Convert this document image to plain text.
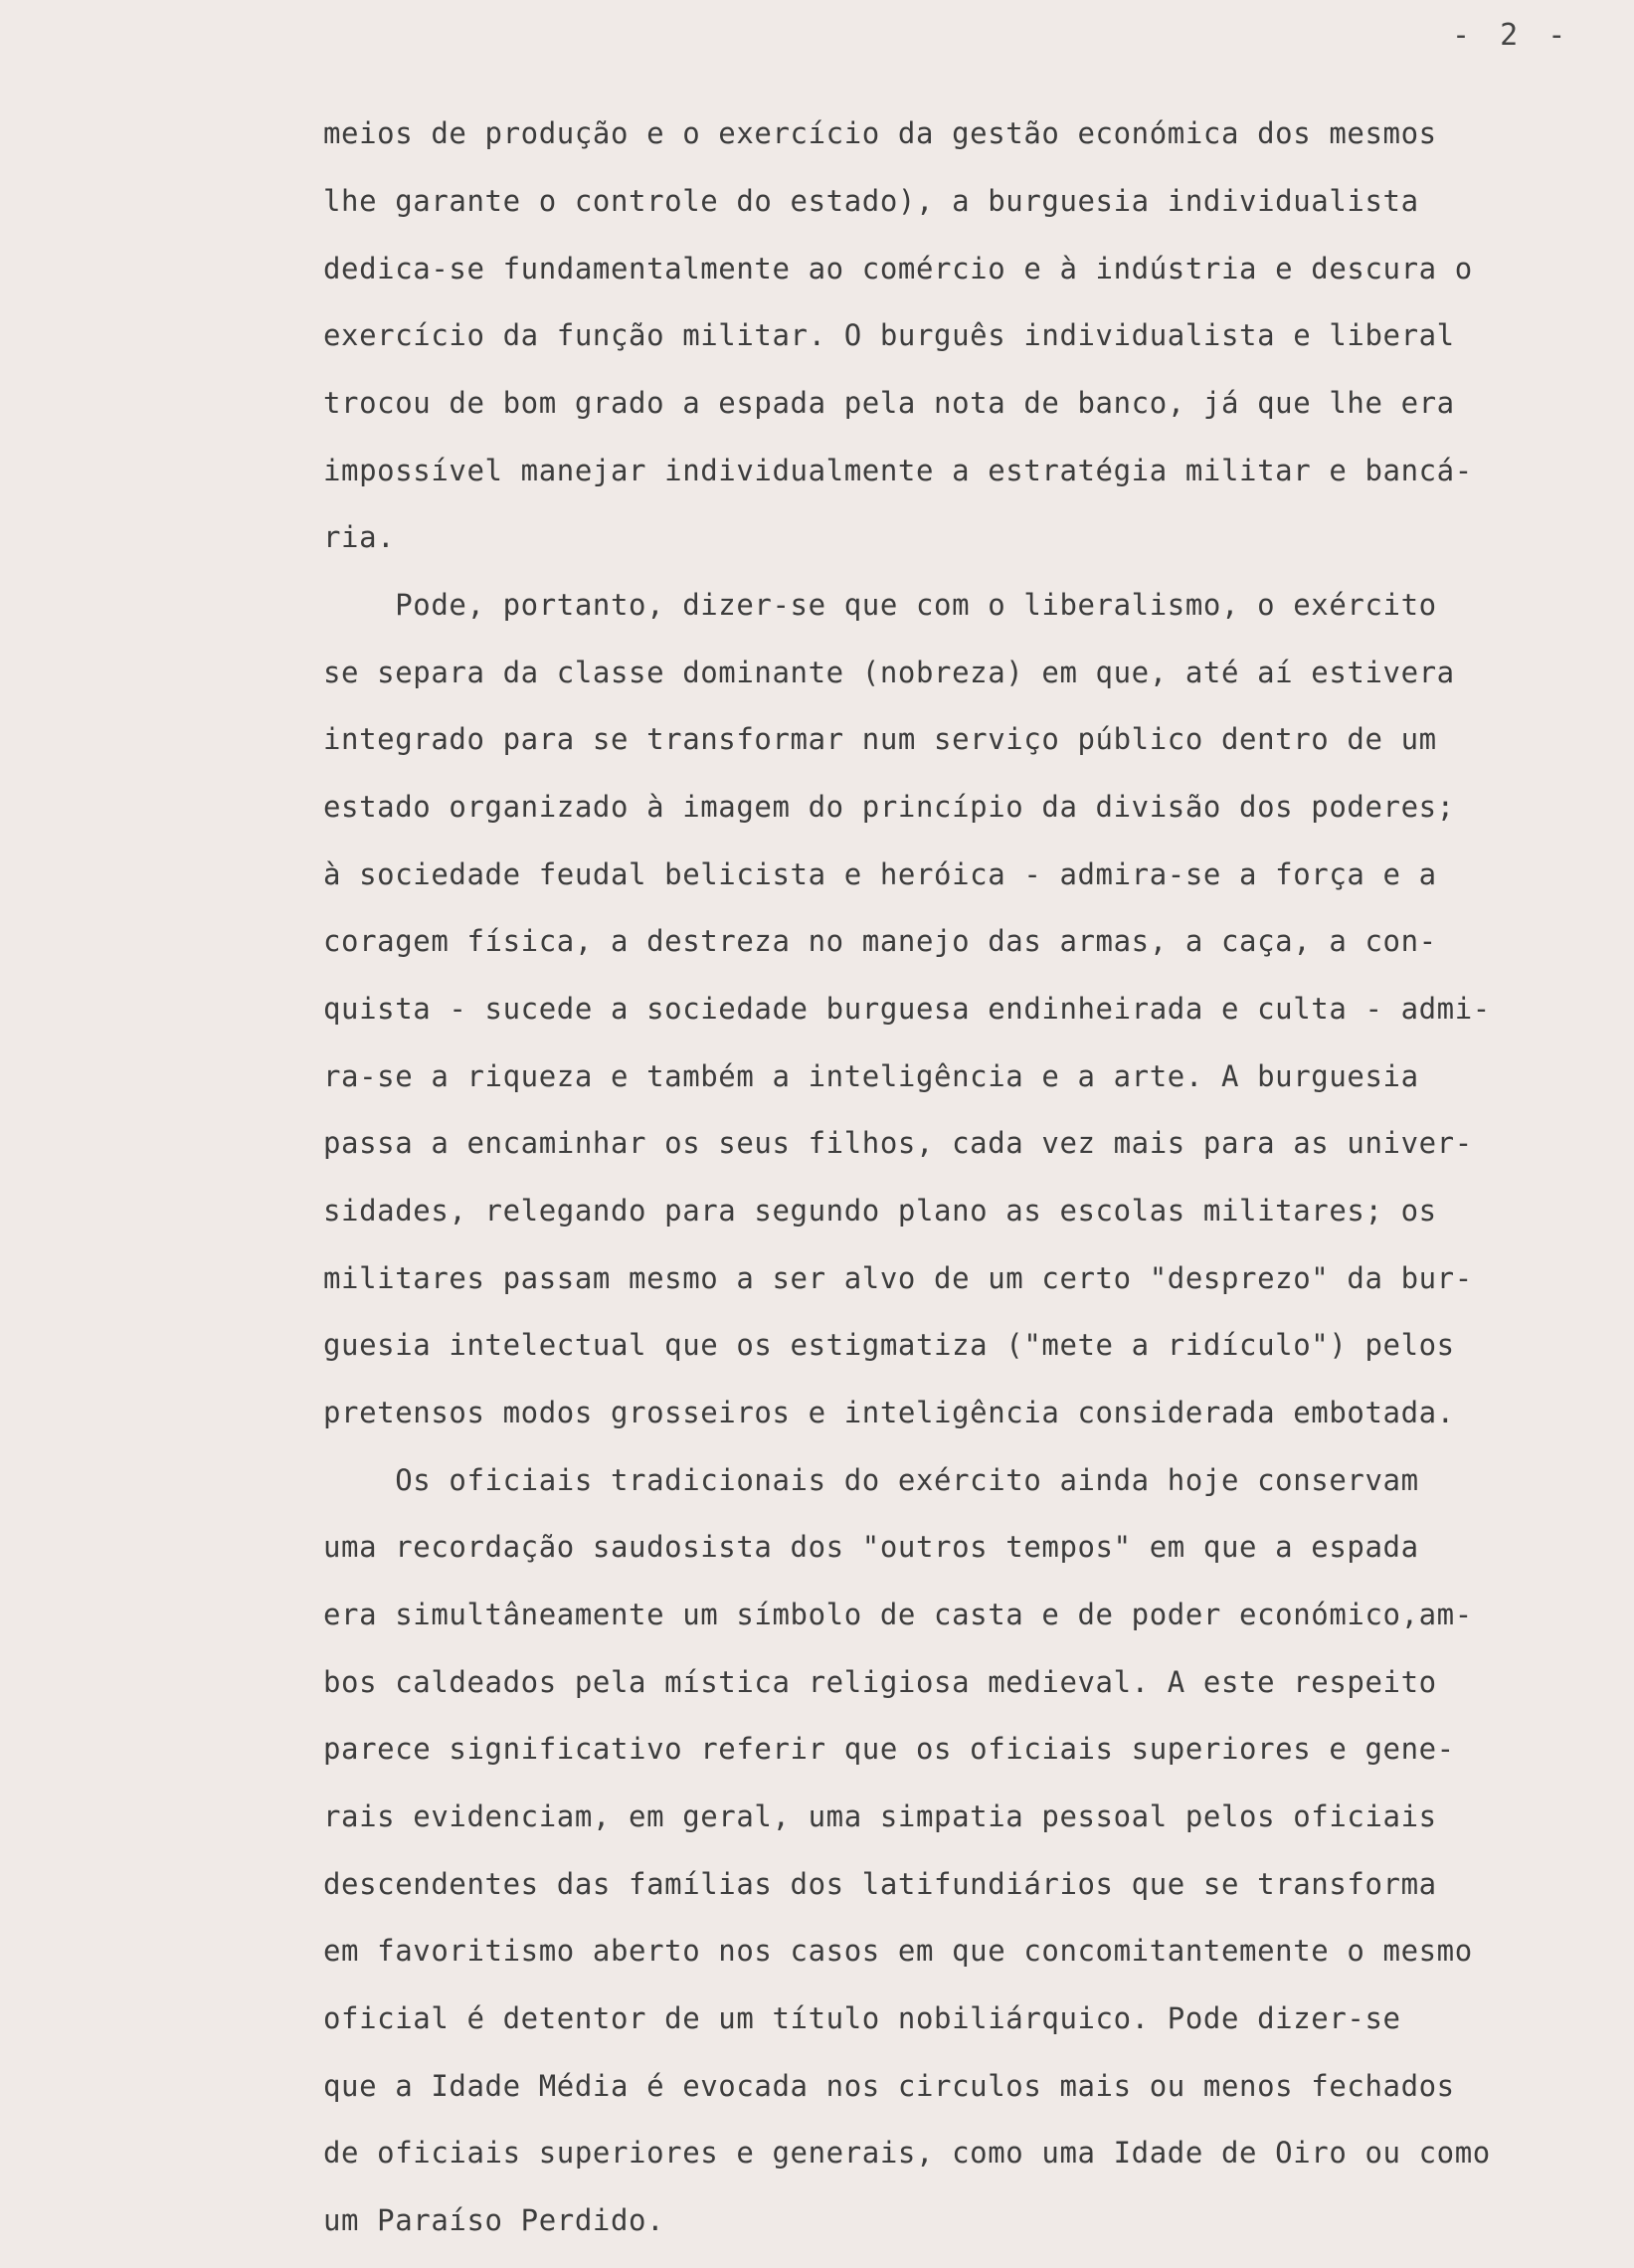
- 2 -
meios de produção e o exercício da gestão económica dos mesmos
lhe garante o controle do estado), a burguesia individualista
dedica-se fundamentalmente ao comércio e à indústria e descura o
exercício da função militar. O burguês individualista e liberal
trocou de bom grado a espada pela nota de banco, já que lhe era
impossível manejar individualmente a estratégia militar e bancá-
ria.
Pode, portanto, dizer-se que com o liberalismo, o exército
se separa da classe dominante (nobreza) em que, até aí estivera
integrado para se transformar num serviço público dentro de um
estado organizado à imagem do princípio da divisão dos poderes;
à sociedade feudal belicista e heróica - admira-se a força e a
coragem física, a destreza no manejo das armas, a caça, a con-
quista - sucede a sociedade burguesa endinheirada e culta - admi-
ra-se a riqueza e também a inteligência e a arte. A burguesia
passa a encaminhar os seus filhos, cada vez mais para as univer-
sidades, relegando para segundo plano as escolas militares; os
militares passam mesmo a ser alvo de um certo "desprezo" da bur-
guesia intelectual que os estigmatiza ("mete a ridículo") pelos
pretensos modos grosseiros e inteligência considerada embotada.
Os oficiais tradicionais do exército ainda hoje conservam
uma recordação saudosista dos "outros tempos" em que a espada
era simultâneamente um símbolo de casta e de poder económico,am-
bos caldeados pela mística religiosa medieval. A este respeito
parece significativo referir que os oficiais superiores e gene-
rais evidenciam, em geral, uma simpatia pessoal pelos oficiais
descendentes das famílias dos latifundiários que se transforma
em favoritismo aberto nos casos em que concomitantemente o mesmo
oficial é detentor de um título nobiliárquico. Pode dizer-se
que a Idade Média é evocada nos circulos mais ou menos fechados
de oficiais superiores e generais, como uma Idade de Oiro ou como
um Paraíso Perdido.
